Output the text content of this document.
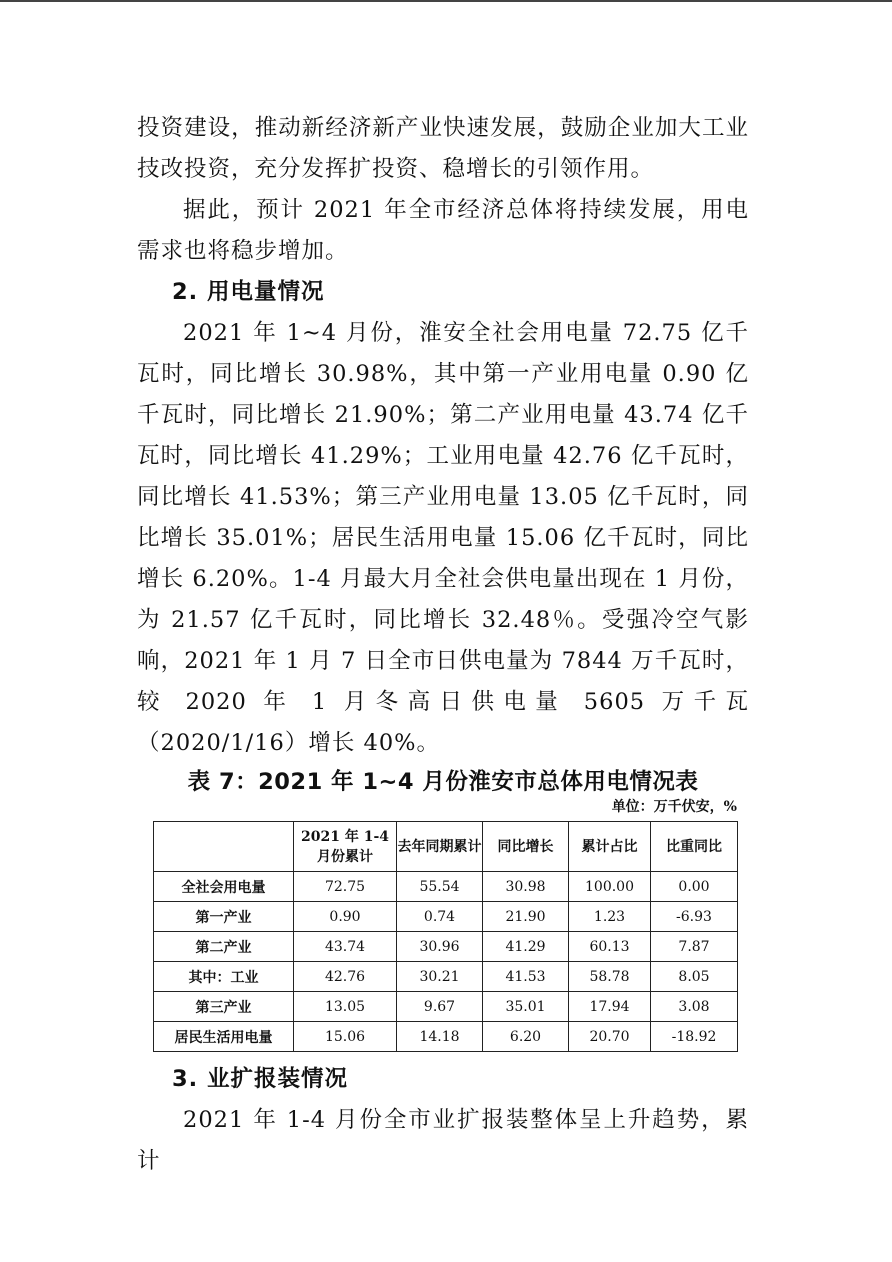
投资建设，推动新经济新产业快速发展，鼓励企业加大工业技改投资，充分发挥扩投资、稳增长的引领作用。

据此，预计 2021 年全市经济总体将持续发展，用电需求也将稳步增加。

2. 用电量情况

2021 年 1~4 月份，淮安全社会用电量 72.75 亿千瓦时，同比增长 30.98%，其中第一产业用电量 0.90 亿千瓦时，同比增长 21.90%；第二产业用电量 43.74 亿千瓦时，同比增长 41.29%；工业用电量 42.76 亿千瓦时，同比增长 41.53%；第三产业用电量 13.05 亿千瓦时，同比增长 35.01%；居民生活用电量 15.06 亿千瓦时，同比增长 6.20%。1-4 月最大月全社会供电量出现在 1 月份，为 21.57 亿千瓦时，同比增长 32.48％。受强冷空气影响，2021 年 1 月 7 日全市日供电量为 7844 万千瓦时，较 2020 年 1 月冬高日供电量 5605 万千瓦（2020/1/16）增长 40%。

表 7：2021 年 1~4 月份淮安市总体用电情况表

单位：万千伏安，%

	2021 年 1-4 月份累计	去年同期累计	同比增长	累计占比	比重同比
全社会用电量	72.75	55.54	30.98	100.00	0.00
第一产业	0.90	0.74	21.90	1.23	-6.93
第二产业	43.74	30.96	41.29	60.13	7.87
其中：工业	42.76	30.21	41.53	58.78	8.05
第三产业	13.05	9.67	35.01	17.94	3.08
居民生活用电量	15.06	14.18	6.20	20.70	-18.92

3. 业扩报装情况

2021 年 1-4 月份全市业扩报装整体呈上升趋势，累计
